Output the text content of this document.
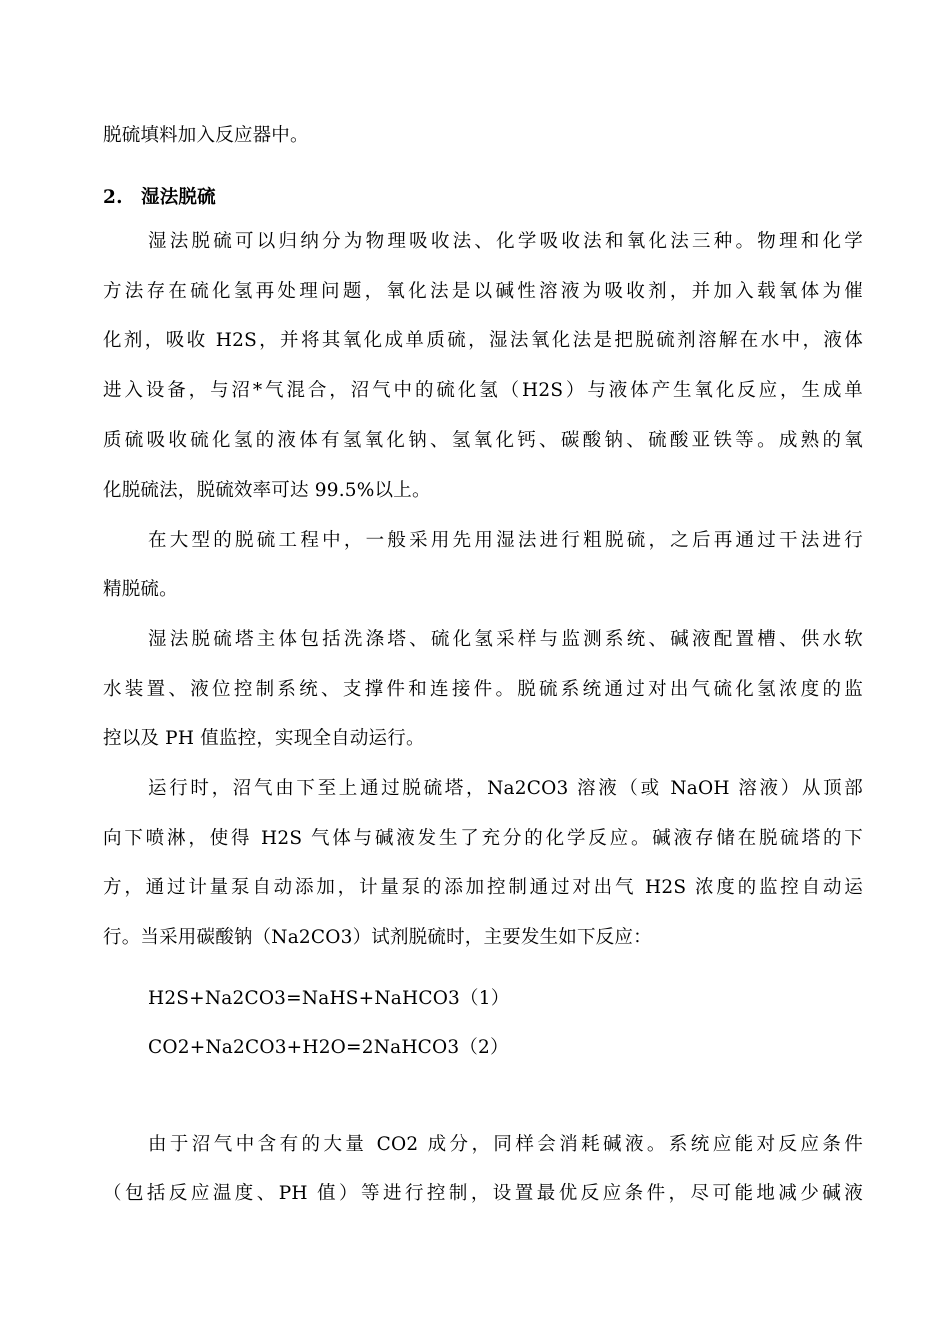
脱硫填料加入反应器中。
2. 湿法脱硫
湿法脱硫可以归纳分为物理吸收法、化学吸收法和氧化法三种。物理和化学
方法存在硫化氢再处理问题，氧化法是以碱性溶液为吸收剂，并加入载氧体为催
化剂，吸收 H2S，并将其氧化成单质硫，湿法氧化法是把脱硫剂溶解在水中，液体
进入设备，与沼*气混合，沼气中的硫化氢（H2S）与液体产生氧化反应，生成单
质硫吸收硫化氢的液体有氢氧化钠、氢氧化钙、碳酸钠、硫酸亚铁等。成熟的氧
化脱硫法，脱硫效率可达 99.5%以上。
在大型的脱硫工程中，一般采用先用湿法进行粗脱硫，之后再通过干法进行
精脱硫。
湿法脱硫塔主体包括洗涤塔、硫化氢采样与监测系统、碱液配置槽、供水软
水装置、液位控制系统、支撑件和连接件。脱硫系统通过对出气硫化氢浓度的监
控以及 PH 值监控，实现全自动运行。
运行时，沼气由下至上通过脱硫塔，Na2CO3 溶液（或 NaOH 溶液）从顶部
向下喷淋，使得 H2S 气体与碱液发生了充分的化学反应。碱液存储在脱硫塔的下
方，通过计量泵自动添加，计量泵的添加控制通过对出气 H2S 浓度的监控自动运
行。当采用碳酸钠（Na2CO3）试剂脱硫时，主要发生如下反应：
H2S+Na2CO3=NaHS+NaHCO3（1）
CO2+Na2CO3+H2O=2NaHCO3（2）
由于沼气中含有的大量 CO2 成分，同样会消耗碱液。系统应能对反应条件
（包括反应温度、PH 值）等进行控制，设置最优反应条件，尽可能地减少碱液
